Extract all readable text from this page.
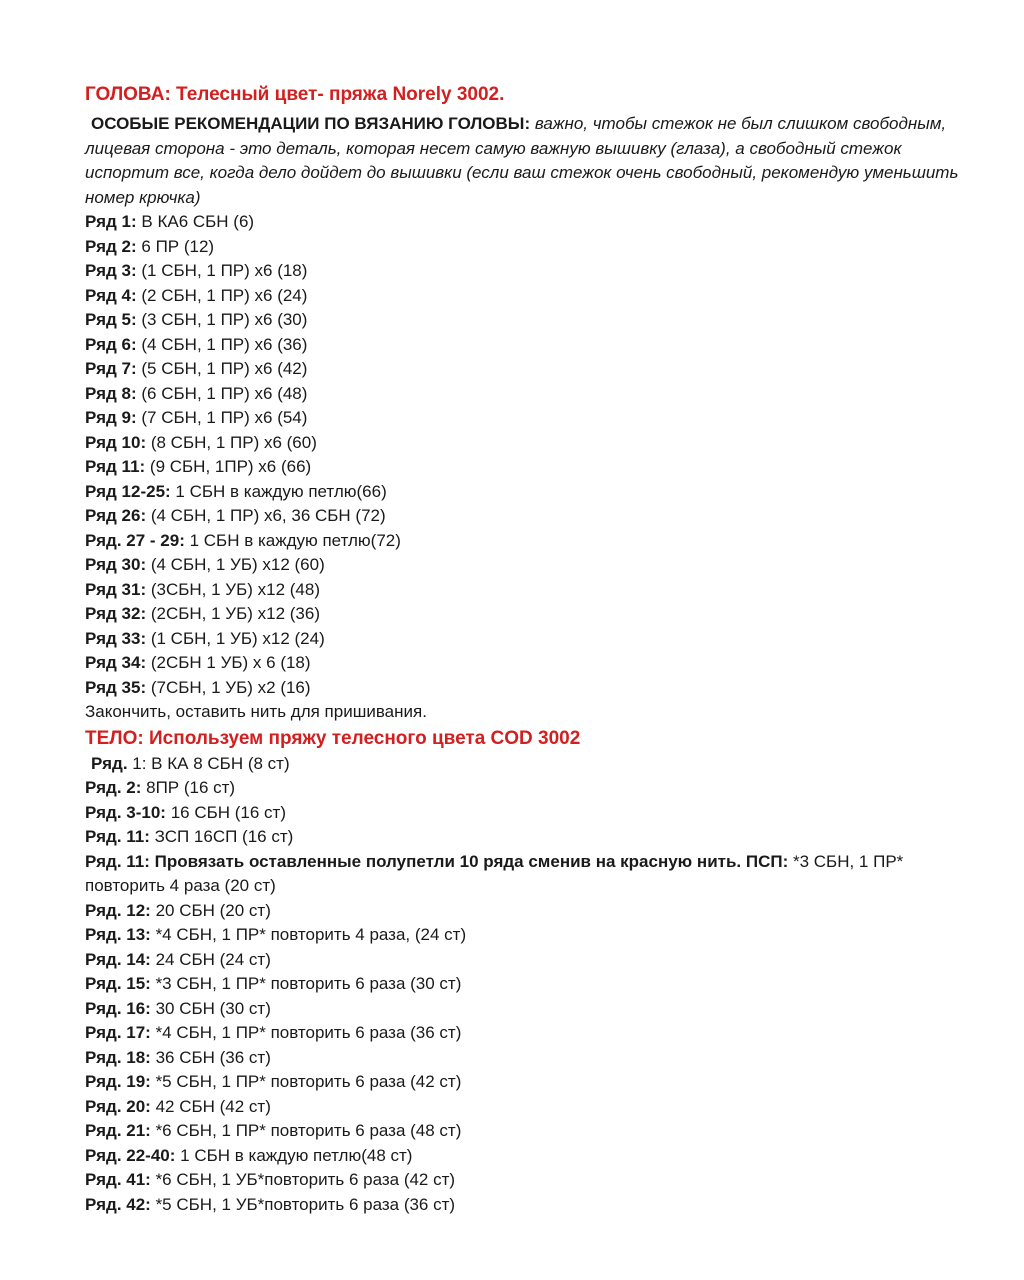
ГОЛОВА: Телесный цвет- пряжа Norely 3002.

ОСОБЫЕ РЕКОМЕНДАЦИИ ПО ВЯЗАНИЮ ГОЛОВЫ: важно, чтобы стежок не был слишком свободным, лицевая сторона - это деталь, которая несет самую важную вышивку (глаза), а свободный стежок испортит все, когда дело дойдет до вышивки (если ваш стежок очень свободный, рекомендую уменьшить номер крючка)

Ряд 1: В КА6 СБН (6)

Ряд 2: 6 ПР (12)

Ряд 3: (1 СБН, 1 ПР) х6 (18)

Ряд 4: (2 СБН, 1 ПР) х6 (24)

Ряд 5: (3 СБН, 1 ПР) х6 (30)

Ряд 6: (4 СБН, 1 ПР) х6 (36)

Ряд 7: (5 СБН, 1 ПР) х6 (42)

Ряд 8: (6 СБН, 1 ПР) х6 (48)

Ряд 9: (7 СБН, 1 ПР) х6 (54)

Ряд 10: (8 СБН, 1 ПР) х6 (60)

Ряд 11: (9 СБН, 1ПР) х6 (66)

Ряд 12-25: 1 СБН в каждую петлю(66)

Ряд 26: (4 СБН, 1 ПР) х6, 36 СБН (72)

Ряд. 27 - 29: 1 СБН в каждую петлю(72)

Ряд 30: (4 СБН, 1 УБ) х12 (60)

Ряд 31: (3СБН, 1 УБ) х12 (48)

Ряд 32: (2СБН, 1 УБ) х12 (36)

Ряд 33: (1 СБН, 1 УБ) х12 (24)

Ряд 34: (2СБН 1 УБ) х 6 (18)

Ряд 35: (7СБН, 1 УБ) х2 (16)

Закончить, оставить нить для пришивания.

ТЕЛО: Используем пряжу телесного цвета COD 3002

Ряд. 1: В КА 8 СБН (8 ст)

Ряд. 2: 8ПР (16 ст)

Ряд. 3-10: 16 СБН (16 ст)

Ряд. 11: ЗСП 16СП (16 ст)

Ряд. 11: Провязать оставленные полупетли 10 ряда сменив на красную нить. ПСП: *3 СБН, 1 ПР* повторить 4 раза (20 ст)

Ряд. 12: 20 СБН (20 ст)

Ряд. 13: *4 СБН, 1 ПР* повторить 4 раза, (24 ст)

Ряд. 14: 24 СБН (24 ст)

Ряд. 15: *3 СБН, 1 ПР* повторить 6 раза (30 ст)

Ряд. 16: 30 СБН (30 ст)

Ряд. 17: *4 СБН, 1 ПР* повторить 6 раза (36 ст)

Ряд. 18: 36 СБН (36 ст)

Ряд. 19: *5 СБН, 1 ПР* повторить 6 раза (42 ст)

Ряд. 20: 42 СБН (42 ст)

Ряд. 21: *6 СБН, 1 ПР* повторить 6 раза (48 ст)

Ряд. 22-40: 1 СБН в каждую петлю(48 ст)

Ряд. 41: *6 СБН, 1 УБ*повторить 6 раза (42 ст)

Ряд. 42: *5 СБН, 1 УБ*повторить 6 раза (36 ст)
